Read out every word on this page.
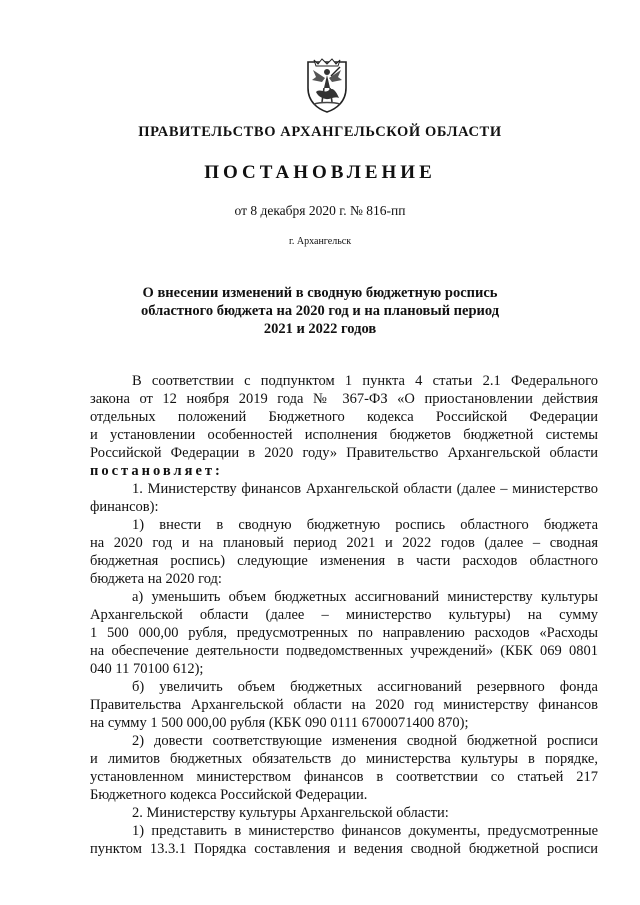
ПРАВИТЕЛЬСТВО АРХАНГЕЛЬСКОЙ ОБЛАСТИ
ПОСТАНОВЛЕНИЕ
от 8 декабря 2020 г. № 816-пп
г. Архангельск
О внесении изменений в сводную бюджетную роспись
областного бюджета на 2020 год и на плановый период
2021 и 2022 годов
В соответствии с подпунктом 1 пункта 4 статьи 2.1 Федерального
закона от 12 ноября 2019 года № 367-ФЗ «О приостановлении действия
отдельных положений Бюджетного кодекса Российской Федерации
и установлении особенностей исполнения бюджетов бюджетной системы
Российской Федерации в 2020 году» Правительство Архангельской области
постановляет:
1. Министерству финансов Архангельской области (далее – министерство
финансов):
1) внести в сводную бюджетную роспись областного бюджета
на 2020 год и на плановый период 2021 и 2022 годов (далее – сводная
бюджетная роспись) следующие изменения в части расходов областного
бюджета на 2020 год:
а) уменьшить объем бюджетных ассигнований министерству культуры
Архангельской области (далее – министерство культуры) на сумму
1 500 000,00 рубля, предусмотренных по направлению расходов «Расходы
на обеспечение деятельности подведомственных учреждений» (КБК 069 0801
040 11 70100 612);
б) увеличить объем бюджетных ассигнований резервного фонда
Правительства Архангельской области на 2020 год министерству финансов
на сумму 1 500 000,00 рубля (КБК 090 0111 6700071400 870);
2) довести соответствующие изменения сводной бюджетной росписи
и лимитов бюджетных обязательств до министерства культуры в порядке,
установленном министерством финансов в соответствии со статьей 217
Бюджетного кодекса Российской Федерации.
2. Министерству культуры Архангельской области:
1) представить в министерство финансов документы, предусмотренные
пунктом 13.3.1 Порядка составления и ведения сводной бюджетной росписи
